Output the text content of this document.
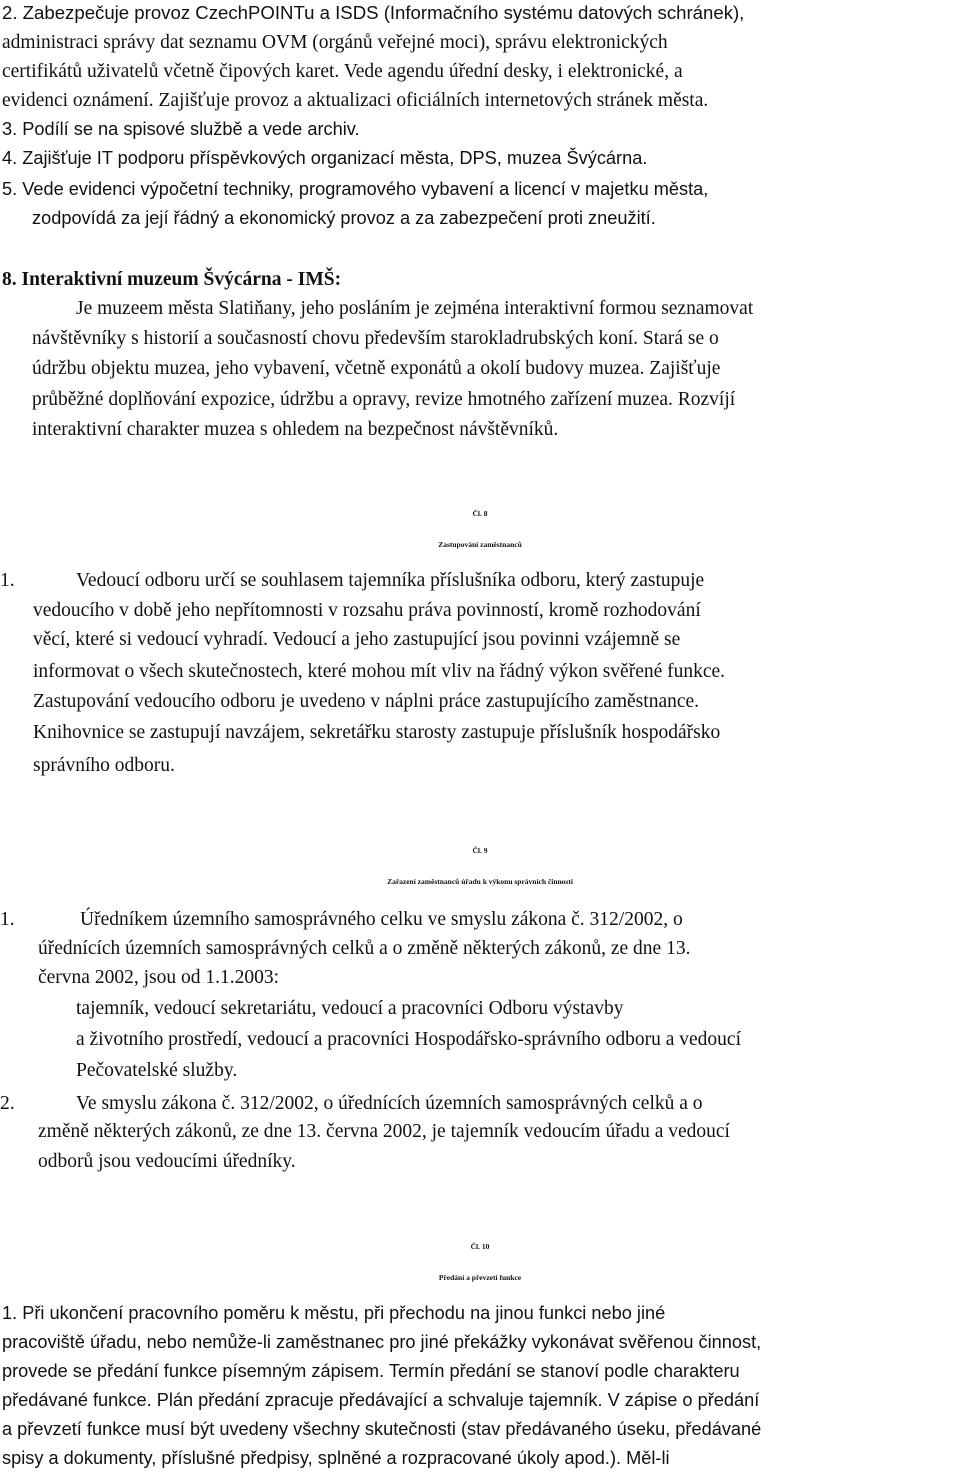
2. Zabezpečuje provoz CzechPOINTu a ISDS (Informačního systému datových schránek),

administraci správy dat seznamu OVM (orgánů veřejné moci), správu elektronických

certifikátů uživatelů včetně čipových karet. Vede agendu úřední desky, i elektronické, a

evidenci oznámení. Zajišťuje provoz a aktualizaci oficiálních internetových stránek města.

3. Podílí se na spisové službě a vede archiv.

4. Zajišťuje IT podporu příspěvkových organizací města, DPS, muzea Švýcárna.

5. Vede evidenci výpočetní techniky, programového vybavení a licencí v majetku města,

zodpovídá za její řádný a ekonomický provoz a za zabezpečení proti zneužití.

8. Interaktivní muzeum Švýcárna - IMŠ:

Je muzeem města Slatiňany, jeho posláním je zejména interaktivní formou seznamovat

návštěvníky s historií a současností chovu především starokladrubských koní. Stará se o

údržbu objektu muzea, jeho vybavení, včetně exponátů a okolí budovy muzea. Zajišťuje

průběžné doplňování expozice, údržbu a opravy, revize hmotného zařízení muzea. Rozvíjí

interaktivní charakter muzea s ohledem na bezpečnost návštěvníků.

Čl. 8

Zastupování zaměstnanců

1.	Vedoucí odboru určí se souhlasem tajemníka příslušníka odboru, který zastupuje

vedoucího v době jeho nepřítomnosti v rozsahu práva povinností, kromě rozhodování

věcí, které si vedoucí vyhradí. Vedoucí a jeho zastupující jsou povinni vzájemně se

informovat o všech skutečnostech, které mohou mít vliv na řádný výkon svěřené funkce.

Zastupování vedoucího odboru je uvedeno v náplni práce zastupujícího zaměstnance.

Knihovnice se zastupují navzájem, sekretářku starosty zastupuje příslušník hospodářsko

správního odboru.

Čl. 9

Zařazení zaměstnanců úřadu k výkonu správních činností

1.	Úředníkem územního samosprávného celku ve smyslu zákona č. 312/2002, o

úřednících územních samosprávných celků a o změně některých zákonů, ze dne 13.

června 2002, jsou od 1.1.2003:

tajemník, vedoucí sekretariátu, vedoucí a pracovníci Odboru výstavby

a životního prostředí, vedoucí a pracovníci Hospodářsko-správního odboru a vedoucí

Pečovatelské služby.

2.	Ve smyslu zákona č. 312/2002, o úřednících územních samosprávných celků a o

změně některých zákonů, ze dne 13. června 2002, je tajemník vedoucím úřadu a vedoucí

odborů jsou vedoucími úředníky.

Čl. 10

Předání a převzetí funkce

1. Při ukončení pracovního poměru k městu, při přechodu na jinou funkci nebo jiné

pracoviště úřadu, nebo nemůže-li zaměstnanec pro jiné překážky vykonávat svěřenou činnost,

provede se předání funkce písemným zápisem. Termín předání se stanoví podle charakteru

předávané funkce. Plán předání zpracuje předávající a schvaluje tajemník. V zápise o předání

a převzetí funkce musí být uvedeny všechny skutečnosti (stav předávaného úseku, předávané

spisy a dokumenty, příslušné předpisy, splněné a rozpracované úkoly apod.). Měl-li
